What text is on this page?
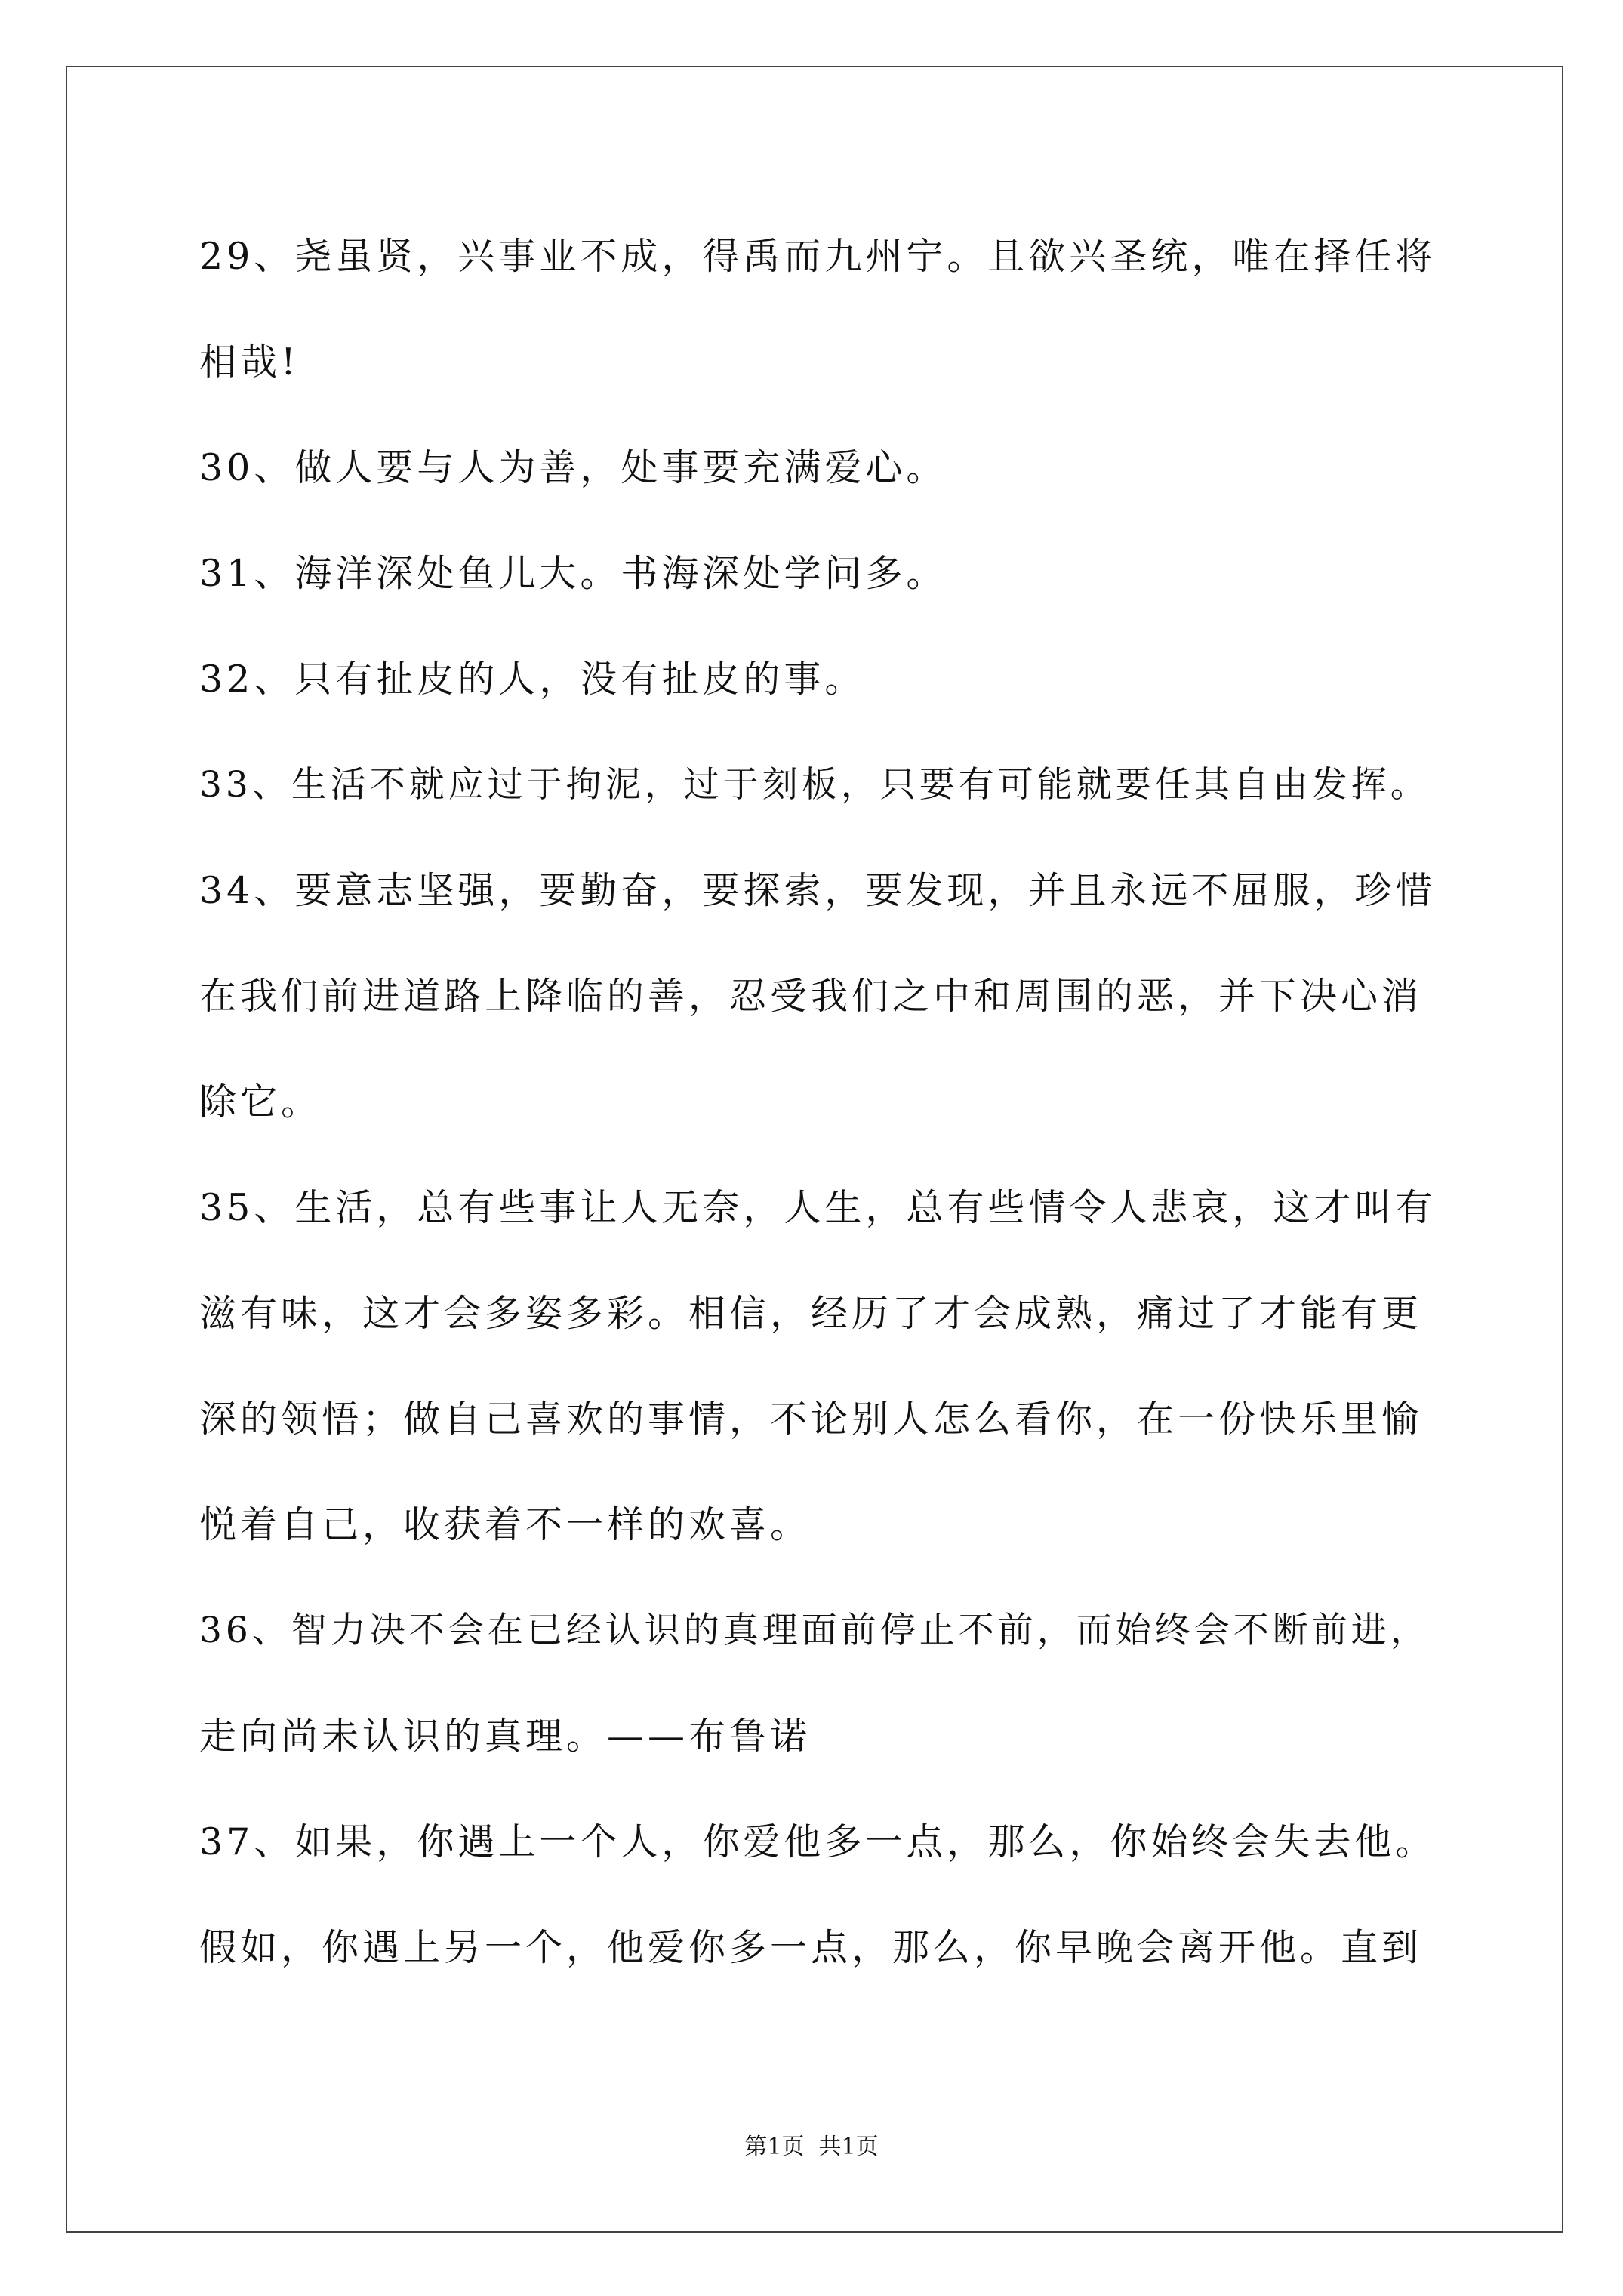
29、尧虽贤，兴事业不成，得禹而九州宁。且欲兴圣统，唯在择任将
相哉!
30、做人要与人为善，处事要充满爱心。
31、海洋深处鱼儿大。书海深处学问多。
32、只有扯皮的人，没有扯皮的事。
33、生活不就应过于拘泥，过于刻板，只要有可能就要任其自由发挥。
34、要意志坚强，要勤奋，要探索，要发现，并且永远不屈服，珍惜
在我们前进道路上降临的善，忍受我们之中和周围的恶，并下决心消
除它。
35、生活，总有些事让人无奈，人生，总有些情令人悲哀，这才叫有
滋有味，这才会多姿多彩。相信，经历了才会成熟，痛过了才能有更
深的领悟；做自己喜欢的事情，不论别人怎么看你，在一份快乐里愉
悦着自己，收获着不一样的欢喜。
36、智力决不会在已经认识的真理面前停止不前，而始终会不断前进，
走向尚未认识的真理。——布鲁诺
37、如果，你遇上一个人，你爱他多一点，那么，你始终会失去他。
假如，你遇上另一个，他爱你多一点，那么，你早晚会离开他。直到
第1页  共1页
